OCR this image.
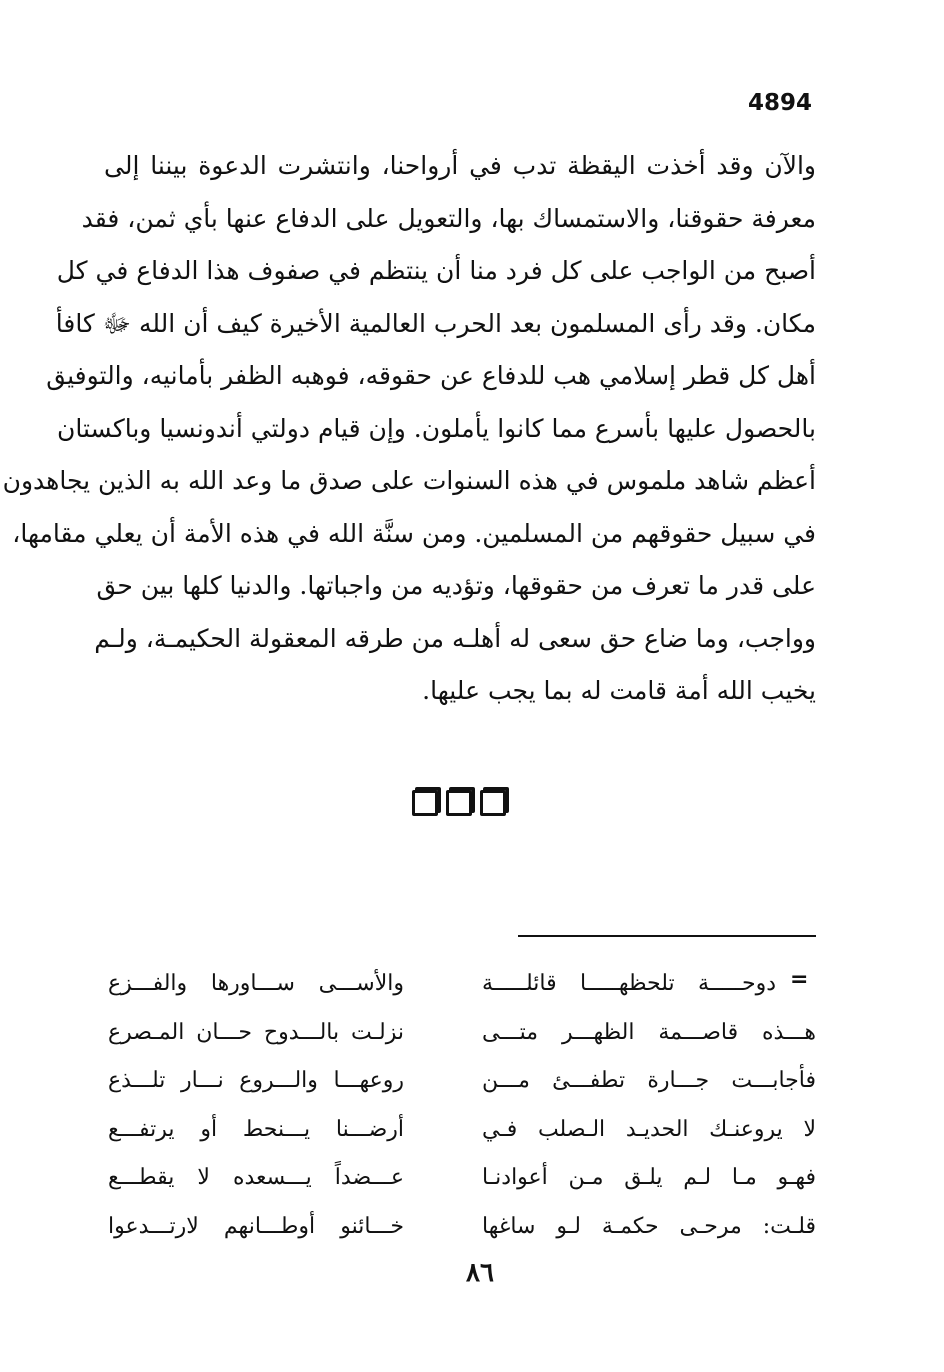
4894
والآن وقد أخذت اليقظة تدب في أرواحنا، وانتشرت الدعوة بيننا إلى
معرفة حقوقنا، والاستمساك بها، والتعويل على الدفاع عنها بأي ثمن، فقد
أصبح من الواجب على كل فرد منا أن ينتظم في صفوف هذا الدفاع في كل
مكان. وقد رأى المسلمون بعد الحرب العالمية الأخيرة كيف أن الله ﷻ كافأ
أهل كل قطر إسلامي هب للدفاع عن حقوقه، فوهبه الظفر بأمانيه، والتوفيق
بالحصول عليها بأسرع مما كانوا يأملون. وإن قيام دولتي أندونسيا وباكستان
أعظم شاهد ملموس في هذه السنوات على صدق ما وعد الله به الذين يجاهدون
في سبيل حقوقهم من المسلمين. ومن سنَّة الله في هذه الأمة أن يعلي مقامها،
على قدر ما تعرف من حقوقها، وتؤديه من واجباتها. والدنيا كلها بين حق
وواجب، وما ضاع حق سعى له أهلـه من طرقه المعقولة الحكيمـة، ولـم
يخيب الله أمة قامت له بما يجب عليها.
=
دوحـــــة تلحظهـــــا قائلـــــة
هـــذه قاصـــمة الظهـــر متـــى
فأجابـــت جـــارة تطفـــئ مـــن
لا يروعنـك الحديـد الـصلب فـي
فهـو مـا لـم يلـق مـن أعوادنـا
قلـت: مرحـى حكمـة لـو ساغها
والأســـى ســـاورها والفـــزع
نزلـت بالـــدوح حـــان المـصرع
روعهـــا والـــروع نـــار تلـــذع
أرضـــنا يـــنحط أو يرتفـــع
عـــضداً يـــسعده لا يقطـــع
خـــائنو أوطـــانهم لارتـــدعوا
٨٦
